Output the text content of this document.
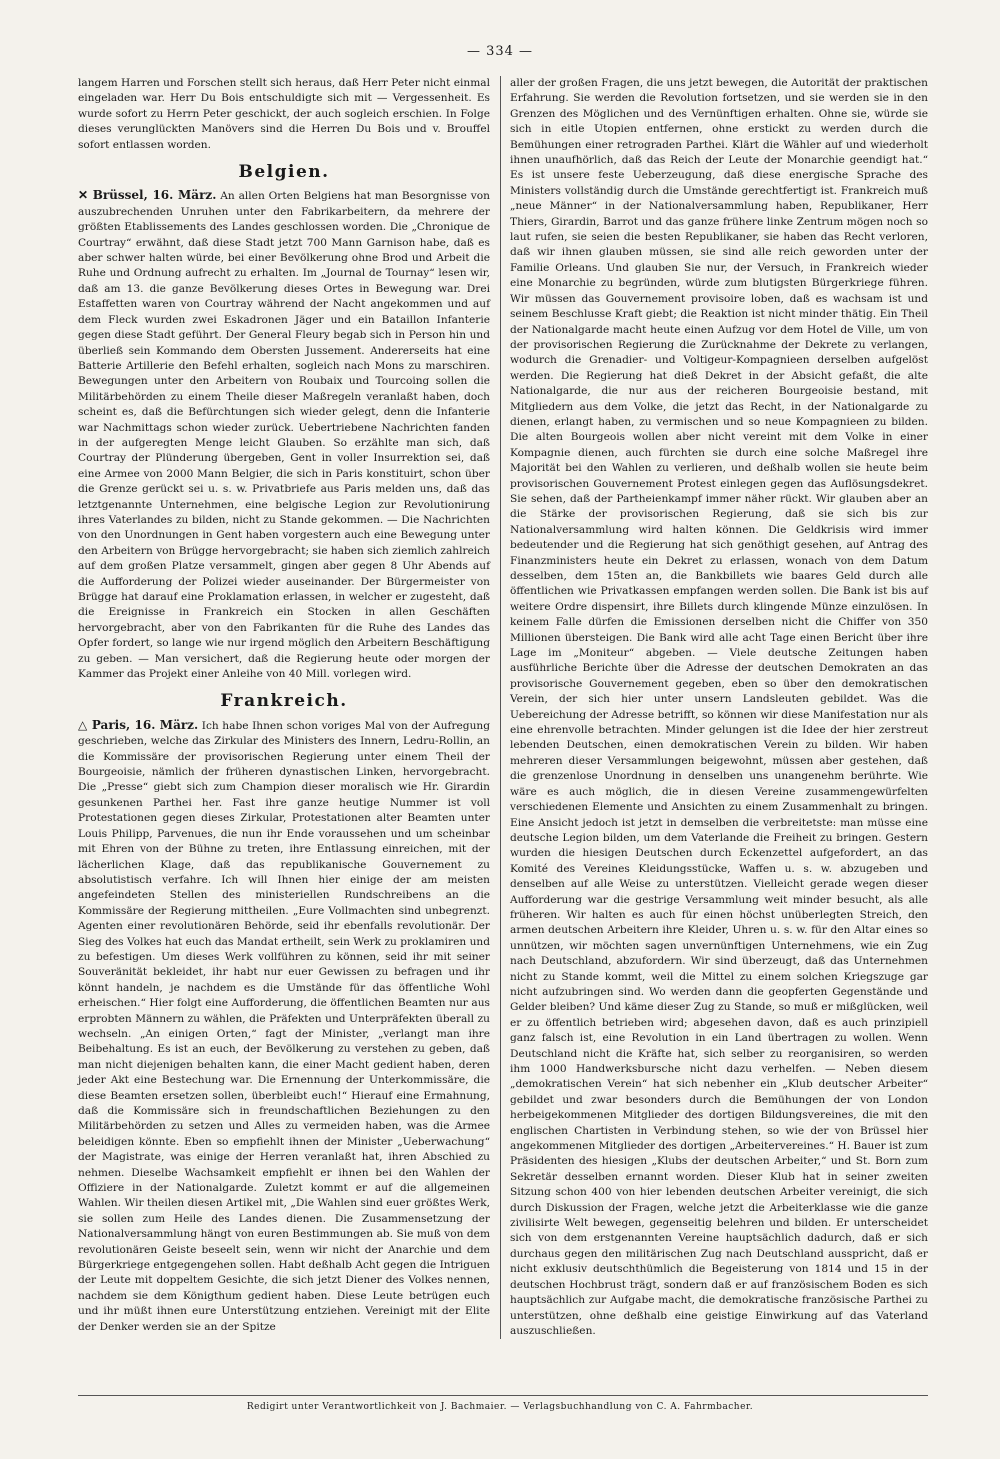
— 334 —

langem Harren und Forschen stellt sich heraus, daß Herr Peter nicht einmal eingeladen war. Herr Du Bois entschuldigte sich mit — Vergessenheit. Es wurde sofort zu Herrn Peter geschickt, der auch sogleich erschien. In Folge dieses verunglückten Manövers sind die Herren Du Bois und v. Brouffel sofort entlassen worden.

Belgien.

✕ Brüssel, 16. März. An allen Orten Belgiens hat man Besorgnisse von auszubrechenden Unruhen unter den Fabrikarbeitern, da mehrere der größten Etablissements des Landes geschlossen worden. Die „Chronique de Courtray“ erwähnt, daß diese Stadt jetzt 700 Mann Garnison habe, daß es aber schwer halten würde, bei einer Bevölkerung ohne Brod und Arbeit die Ruhe und Ordnung aufrecht zu erhalten. Im „Journal de Tournay“ lesen wir, daß am 13. die ganze Bevölkerung dieses Ortes in Bewegung war. Drei Estaffetten waren von Courtray während der Nacht angekommen und auf dem Fleck wurden zwei Eskadronen Jäger und ein Bataillon Infanterie gegen diese Stadt geführt. Der General Fleury begab sich in Person hin und überließ sein Kommando dem Obersten Jussement. Andererseits hat eine Batterie Artillerie den Befehl erhalten, sogleich nach Mons zu marschiren. Bewegungen unter den Arbeitern von Roubaix und Tourcoing sollen die Militärbehörden zu einem Theile dieser Maßregeln veranlaßt haben, doch scheint es, daß die Befürchtungen sich wieder gelegt, denn die Infanterie war Nachmittags schon wieder zurück. Uebertriebene Nachrichten fanden in der aufgeregten Menge leicht Glauben. So erzählte man sich, daß Courtray der Plünderung übergeben, Gent in voller Insurrektion sei, daß eine Armee von 2000 Mann Belgier, die sich in Paris konstituirt, schon über die Grenze gerückt sei u. s. w. Privatbriefe aus Paris melden uns, daß das letztgenannte Unternehmen, eine belgische Legion zur Revolutionirung ihres Vaterlandes zu bilden, nicht zu Stande gekommen. — Die Nachrichten von den Unordnungen in Gent haben vorgestern auch eine Bewegung unter den Arbeitern von Brügge hervorgebracht; sie haben sich ziemlich zahlreich auf dem großen Platze versammelt, gingen aber gegen 8 Uhr Abends auf die Aufforderung der Polizei wieder auseinander. Der Bürgermeister von Brügge hat darauf eine Proklamation erlassen, in welcher er zugesteht, daß die Ereignisse in Frankreich ein Stocken in allen Geschäften hervorgebracht, aber von den Fabrikanten für die Ruhe des Landes das Opfer fordert, so lange wie nur irgend möglich den Arbeitern Beschäftigung zu geben. — Man versichert, daß die Regierung heute oder morgen der Kammer das Projekt einer Anleihe von 40 Mill. vorlegen wird.

Frankreich.

△ Paris, 16. März. Ich habe Ihnen schon voriges Mal von der Aufregung geschrieben, welche das Zirkular des Ministers des Innern, Ledru-Rollin, an die Kommissäre der provisorischen Regierung unter einem Theil der Bourgeoisie, nämlich der früheren dynastischen Linken, hervorgebracht. Die „Presse“ giebt sich zum Champion dieser moralisch wie Hr. Girardin gesunkenen Parthei her. Fast ihre ganze heutige Nummer ist voll Protestationen gegen dieses Zirkular, Protestationen alter Beamten unter Louis Philipp, Parvenues, die nun ihr Ende voraussehen und um scheinbar mit Ehren von der Bühne zu treten, ihre Entlassung einreichen, mit der lächerlichen Klage, daß das republikanische Gouvernement zu absolutistisch verfahre. Ich will Ihnen hier einige der am meisten angefeindeten Stellen des ministeriellen Rundschreibens an die Kommissäre der Regierung mittheilen. „Eure Vollmachten sind unbegrenzt. Agenten einer revolutionären Behörde, seid ihr ebenfalls revolutionär. Der Sieg des Volkes hat euch das Mandat ertheilt, sein Werk zu proklamiren und zu befestigen. Um dieses Werk vollführen zu können, seid ihr mit seiner Souveränität bekleidet, ihr habt nur euer Gewissen zu befragen und ihr könnt handeln, je nachdem es die Umstände für das öffentliche Wohl erheischen.“ Hier folgt eine Aufforderung, die öffentlichen Beamten nur aus erprobten Männern zu wählen, die Präfekten und Unterpräfekten überall zu wechseln. „An einigen Orten,“ fagt der Minister, „verlangt man ihre Beibehaltung. Es ist an euch, der Bevölkerung zu verstehen zu geben, daß man nicht diejenigen behalten kann, die einer Macht gedient haben, deren jeder Akt eine Bestechung war. Die Ernennung der Unterkommissäre, die diese Beamten ersetzen sollen, überbleibt euch!“ Hierauf eine Ermahnung, daß die Kommissäre sich in freundschaftlichen Beziehungen zu den Militärbehörden zu setzen und Alles zu vermeiden haben, was die Armee beleidigen könnte. Eben so empfiehlt ihnen der Minister „Ueberwachung“ der Magistrate, was einige der Herren veranlaßt hat, ihren Abschied zu nehmen. Dieselbe Wachsamkeit empfiehlt er ihnen bei den Wahlen der Offiziere in der Nationalgarde. Zuletzt kommt er auf die allgemeinen Wahlen. Wir theilen diesen Artikel mit, „Die Wahlen sind euer größtes Werk, sie sollen zum Heile des Landes dienen. Die Zusammensetzung der Nationalversammlung hängt von euren Bestimmungen ab. Sie muß von dem revolutionären Geiste beseelt sein, wenn wir nicht der Anarchie und dem Bürgerkriege entgegengehen sollen. Habt deßhalb Acht gegen die Intriguen der Leute mit doppeltem Gesichte, die sich jetzt Diener des Volkes nennen, nachdem sie dem Königthum gedient haben. Diese Leute betrügen euch und ihr müßt ihnen eure Unterstützung entziehen. Vereinigt mit der Elite der Denker werden sie an der Spitze

aller der großen Fragen, die uns jetzt bewegen, die Autorität der praktischen Erfahrung. Sie werden die Revolution fortsetzen, und sie werden sie in den Grenzen des Möglichen und des Vernünftigen erhalten. Ohne sie, würde sie sich in eitle Utopien entfernen, ohne erstickt zu werden durch die Bemühungen einer retrograden Parthei. Klärt die Wähler auf und wiederholt ihnen unaufhörlich, daß das Reich der Leute der Monarchie geendigt hat.“ Es ist unsere feste Ueberzeugung, daß diese energische Sprache des Ministers vollständig durch die Umstände gerechtfertigt ist. Frankreich muß „neue Männer“ in der Nationalversammlung haben, Republikaner, Herr Thiers, Girardin, Barrot und das ganze frühere linke Zentrum mögen noch so laut rufen, sie seien die besten Republikaner, sie haben das Recht verloren, daß wir ihnen glauben müssen, sie sind alle reich geworden unter der Familie Orleans. Und glauben Sie nur, der Versuch, in Frankreich wieder eine Monarchie zu begründen, würde zum blutigsten Bürgerkriege führen. Wir müssen das Gouvernement provisoire loben, daß es wachsam ist und seinem Beschlusse Kraft giebt; die Reaktion ist nicht minder thätig. Ein Theil der Nationalgarde macht heute einen Aufzug vor dem Hotel de Ville, um von der provisorischen Regierung die Zurücknahme der Dekrete zu verlangen, wodurch die Grenadier- und Voltigeur-Kompagnieen derselben aufgelöst werden. Die Regierung hat dieß Dekret in der Absicht gefaßt, die alte Nationalgarde, die nur aus der reicheren Bourgeoisie bestand, mit Mitgliedern aus dem Volke, die jetzt das Recht, in der Nationalgarde zu dienen, erlangt haben, zu vermischen und so neue Kompagnieen zu bilden. Die alten Bourgeois wollen aber nicht vereint mit dem Volke in einer Kompagnie dienen, auch fürchten sie durch eine solche Maßregel ihre Majorität bei den Wahlen zu verlieren, und deßhalb wollen sie heute beim provisorischen Gouvernement Protest einlegen gegen das Auflösungsdekret. Sie sehen, daß der Partheienkampf immer näher rückt. Wir glauben aber an die Stärke der provisorischen Regierung, daß sie sich bis zur Nationalversammlung wird halten können. Die Geldkrisis wird immer bedeutender und die Regierung hat sich genöthigt gesehen, auf Antrag des Finanzministers heute ein Dekret zu erlassen, wonach von dem Datum desselben, dem 15ten an, die Bankbillets wie baares Geld durch alle öffentlichen wie Privatkassen empfangen werden sollen. Die Bank ist bis auf weitere Ordre dispensirt, ihre Billets durch klingende Münze einzulösen. In keinem Falle dürfen die Emissionen derselben nicht die Chiffer von 350 Millionen übersteigen. Die Bank wird alle acht Tage einen Bericht über ihre Lage im „Moniteur“ abgeben. — Viele deutsche Zeitungen haben ausführliche Berichte über die Adresse der deutschen Demokraten an das provisorische Gouvernement gegeben, eben so über den demokratischen Verein, der sich hier unter unsern Landsleuten gebildet. Was die Uebereichung der Adresse betrifft, so können wir diese Manifestation nur als eine ehrenvolle betrachten. Minder gelungen ist die Idee der hier zerstreut lebenden Deutschen, einen demokratischen Verein zu bilden. Wir haben mehreren dieser Versammlungen beigewohnt, müssen aber gestehen, daß die grenzenlose Unordnung in denselben uns unangenehm berührte. Wie wäre es auch möglich, die in diesen Vereine zusammengewürfelten verschiedenen Elemente und Ansichten zu einem Zusammenhalt zu bringen. Eine Ansicht jedoch ist jetzt in demselben die verbreitetste: man müsse eine deutsche Legion bilden, um dem Vaterlande die Freiheit zu bringen. Gestern wurden die hiesigen Deutschen durch Eckenzettel aufgefordert, an das Komité des Vereines Kleidungsstücke, Waffen u. s. w. abzugeben und denselben auf alle Weise zu unterstützen. Vielleicht gerade wegen dieser Aufforderung war die gestrige Versammlung weit minder besucht, als alle früheren. Wir halten es auch für einen höchst unüberlegten Streich, den armen deutschen Arbeitern ihre Kleider, Uhren u. s. w. für den Altar eines so unnützen, wir möchten sagen unvernünftigen Unternehmens, wie ein Zug nach Deutschland, abzufordern. Wir sind überzeugt, daß das Unternehmen nicht zu Stande kommt, weil die Mittel zu einem solchen Kriegszuge gar nicht aufzubringen sind. Wo werden dann die geopferten Gegenstände und Gelder bleiben? Und käme dieser Zug zu Stande, so muß er mißglücken, weil er zu öffentlich betrieben wird; abgesehen davon, daß es auch prinzipiell ganz falsch ist, eine Revolution in ein Land übertragen zu wollen. Wenn Deutschland nicht die Kräfte hat, sich selber zu reorganisiren, so werden ihm 1000 Handwerksbursche nicht dazu verhelfen. — Neben diesem „demokratischen Verein“ hat sich nebenher ein „Klub deutscher Arbeiter“ gebildet und zwar besonders durch die Bemühungen der von London herbeigekommenen Mitglieder des dortigen Bildungsvereines, die mit den englischen Chartisten in Verbindung stehen, so wie der von Brüssel hier angekommenen Mitglieder des dortigen „Arbeitervereines.“ H. Bauer ist zum Präsidenten des hiesigen „Klubs der deutschen Arbeiter,“ und St. Born zum Sekretär desselben ernannt worden. Dieser Klub hat in seiner zweiten Sitzung schon 400 von hier lebenden deutschen Arbeiter vereinigt, die sich durch Diskussion der Fragen, welche jetzt die Arbeiterklasse wie die ganze zivilisirte Welt bewegen, gegenseitig belehren und bilden. Er unterscheidet sich von dem erstgenannten Vereine hauptsächlich dadurch, daß er sich durchaus gegen den militärischen Zug nach Deutschland ausspricht, daß er nicht exklusiv deutschthümlich die Begeisterung von 1814 und 15 in der deutschen Hochbrust trägt, sondern daß er auf französischem Boden es sich hauptsächlich zur Aufgabe macht, die demokratische französische Parthei zu unterstützen, ohne deßhalb eine geistige Einwirkung auf das Vaterland auszuschließen.

Redigirt unter Verantwortlichkeit von J. Bachmaier. — Verlagsbuchhandlung von C. A. Fahrmbacher.
